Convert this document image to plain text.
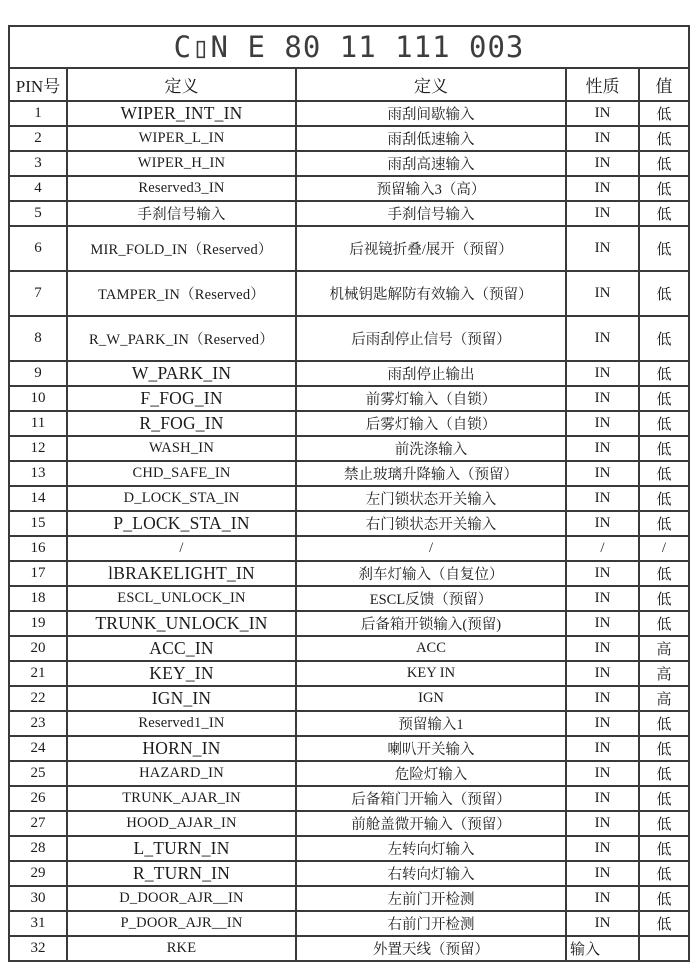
C▯N E 80 11 111 003				
PIN号	定义	定义	性质	值
1	WIPER_INT_IN	雨刮间歇输入	IN	低
2	WIPER_L_IN	雨刮低速输入	IN	低
3	WIPER_H_IN	雨刮高速输入	IN	低
4	Reserved3_IN	预留输入3（高）	IN	低
5	手刹信号输入	手刹信号输入	IN	低
6	MIR_FOLD_IN（Reserved）	后视镜折叠/展开（预留）	IN	低
7	TAMPER_IN（Reserved）	机械钥匙解防有效输入（预留）	IN	低
8	R_W_PARK_IN（Reserved）	后雨刮停止信号（预留）	IN	低
9	W_PARK_IN	雨刮停止输出	IN	低
10	F_FOG_IN	前雾灯输入（自锁）	IN	低
11	R_FOG_IN	后雾灯输入（自锁）	IN	低
12	WASH_IN	前洗涤输入	IN	低
13	CHD_SAFE_IN	禁止玻璃升降输入（预留）	IN	低
14	D_LOCK_STA_IN	左门锁状态开关输入	IN	低
15	P_LOCK_STA_IN	右门锁状态开关输入	IN	低
16	/	/	/	/
17	lBRAKELIGHT_IN	刹车灯输入（自复位）	IN	低
18	ESCL_UNLOCK_IN	ESCL反馈（预留）	IN	低
19	TRUNK_UNLOCK_IN	后备箱开锁输入(预留)	IN	低
20	ACC_IN	ACC	IN	高
21	KEY_IN	KEY IN	IN	高
22	IGN_IN	IGN	IN	高
23	Reserved1_IN	预留输入1	IN	低
24	HORN_IN	喇叭开关输入	IN	低
25	HAZARD_IN	危险灯输入	IN	低
26	TRUNK_AJAR_IN	后备箱门开输入（预留）	IN	低
27	HOOD_AJAR_IN	前舱盖微开输入（预留）	IN	低
28	L_TURN_IN	左转向灯输入	IN	低
29	R_TURN_IN	右转向灯输入	IN	低
30	D_DOOR_AJR__IN	左前门开检测	IN	低
31	P_DOOR_AJR__IN	右前门开检测	IN	低
32	RKE	外置天线（预留）	输入	
